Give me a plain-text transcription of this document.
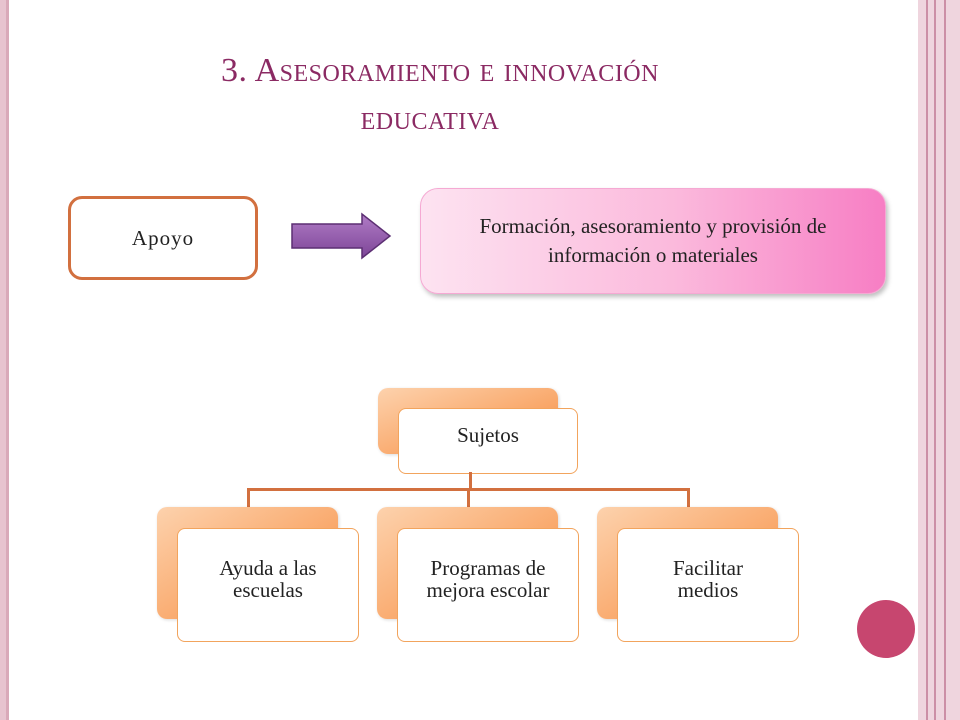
3. Asesoramiento e innovación
educativa
Apoyo	Formación, asesoramiento y provisión de información o materiales
Sujetos
Ayuda a las escuelas
Programas de mejora escolar
Facilitar medios
